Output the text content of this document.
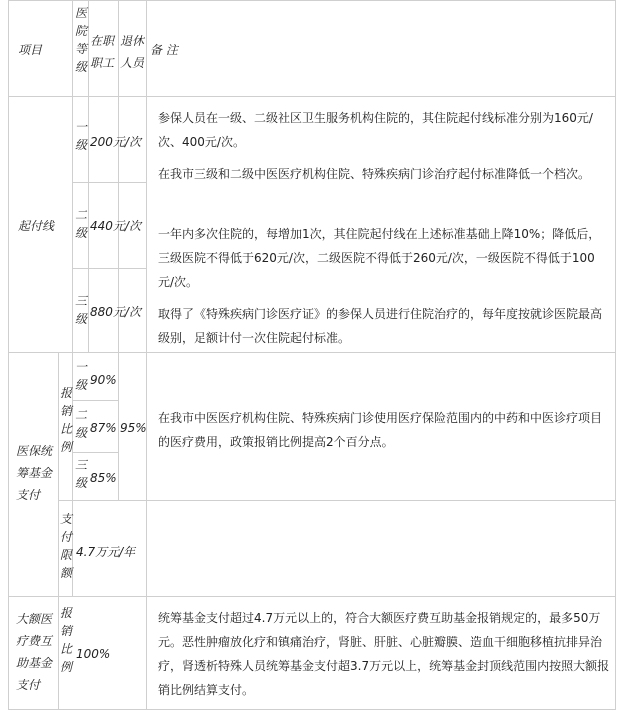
项目
医院等级
在职职工
退休人员
备 注
起付线
一级 200元/次
二级 440元/次
三级 880元/次
参保人员在一级、二级社区卫生服务机构住院的，其住院起付线标准分别为160元/次、400元/次。
在我市三级和二级中医医疗机构住院、特殊疾病门诊治疗起付标准降低一个档次。
一年内多次住院的，每增加1次，其住院起付线在上述标准基础上降10%；降低后，三级医院不得低于620元/次，二级医院不得低于260元/次，一级医院不得低于100元/次。
取得了《特殊疾病门诊医疗证》的参保人员进行住院治疗的，每年度按就诊医院最高级别，足额计付一次住院起付标准。
医保统筹基金支付
报销比例
一级 90%
二级 87%
三级 85%
95%
在我市中医医疗机构住院、特殊疾病门诊使用医疗保险范围内的中药和中医诊疗项目的医疗费用，政策报销比例提高2个百分点。
支付限额
4.7万元/年
大额医疗费互助基金支付
报销比例
100%
统筹基金支付超过4.7万元以上的，符合大额医疗费互助基金报销规定的，最多50万元。恶性肿瘤放化疗和镇痛治疗，肾脏、肝脏、心脏瓣膜、造血干细胞移植抗排异治疗，肾透析特殊人员统筹基金支付超3.7万元以上，统筹基金封顶线范围内按照大额报销比例结算支付。
